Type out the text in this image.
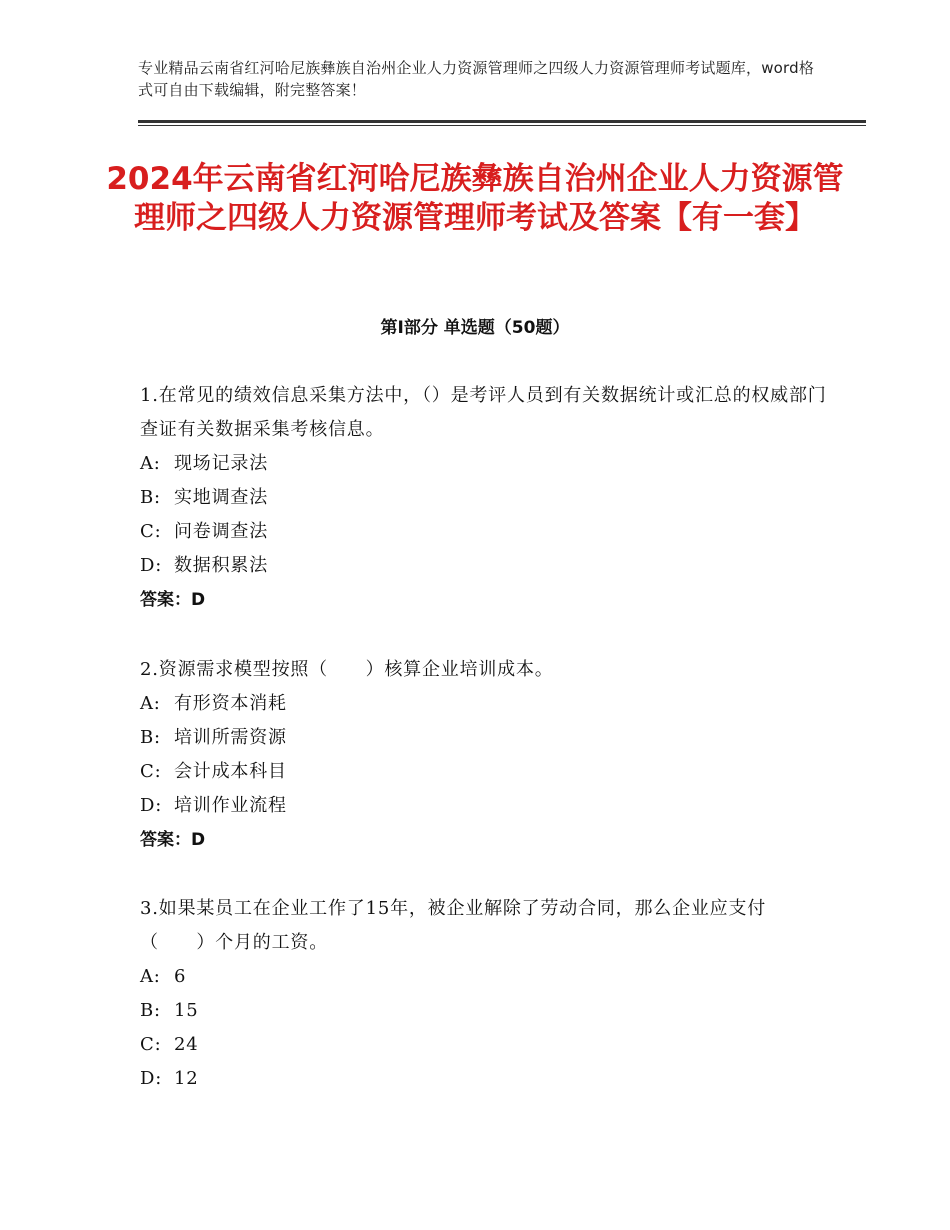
专业精品云南省红河哈尼族彝族自治州企业人力资源管理师之四级人力资源管理师考试题库，word格式可自由下载编辑，附完整答案！
2024年云南省红河哈尼族彝族自治州企业人力资源管理师之四级人力资源管理师考试及答案【有一套】
第Ⅰ部分 单选题（50题）
1.在常见的绩效信息采集方法中，（）是考评人员到有关数据统计或汇总的权威部门查证有关数据采集考核信息。
A: 现场记录法
B: 实地调查法
C: 问卷调查法
D: 数据积累法
答案：D
2.资源需求模型按照（　　）核算企业培训成本。
A: 有形资本消耗
B: 培训所需资源
C: 会计成本科目
D: 培训作业流程
答案：D
3.如果某员工在企业工作了15年，被企业解除了劳动合同，那么企业应支付（　　）个月的工资。
A: 6
B: 15
C: 24
D: 12
